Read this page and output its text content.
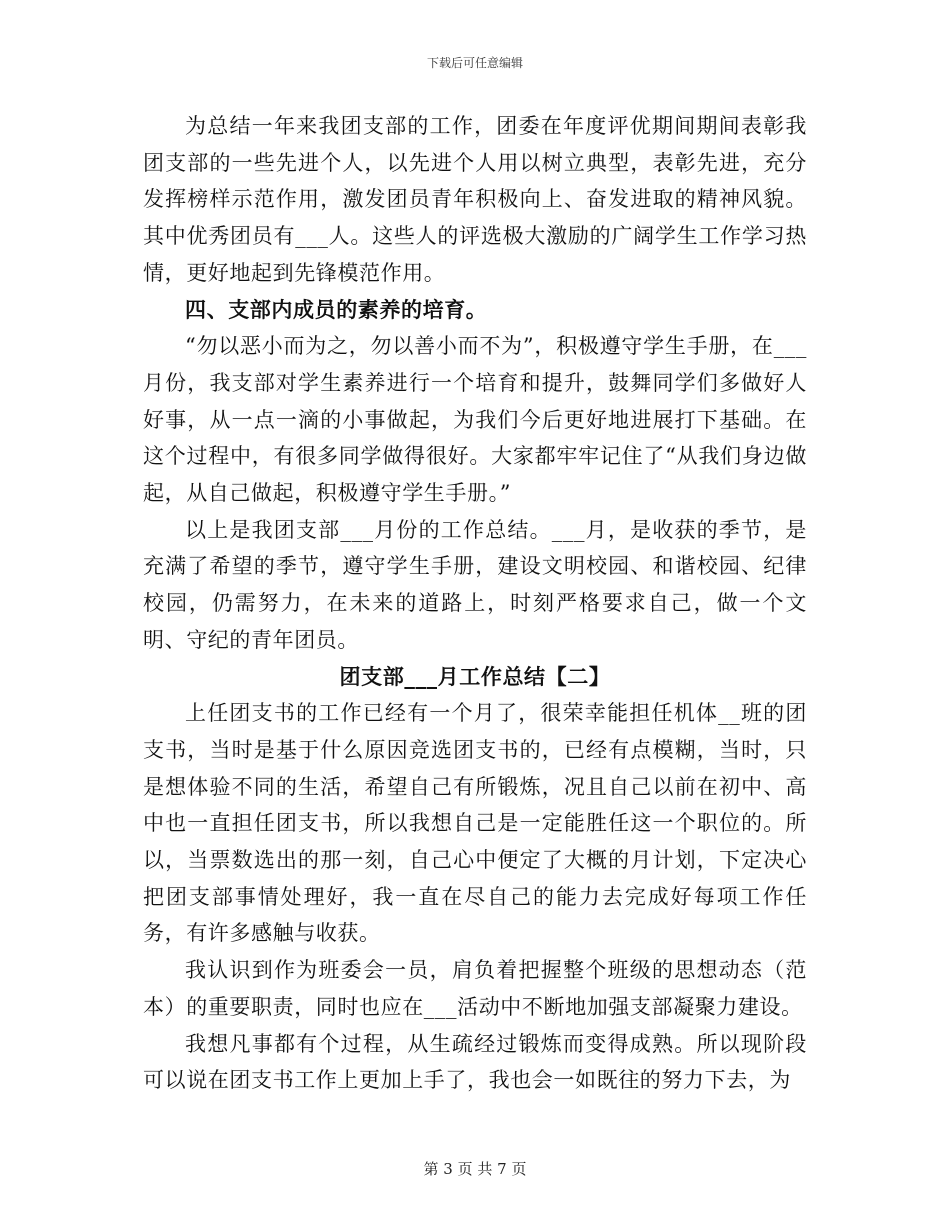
下载后可任意编辑

为总结一年来我团支部的工作，团委在年度评优期间期间表彰我团支部的一些先进个人，以先进个人用以树立典型，表彰先进，充分发挥榜样示范作用，激发团员青年积极向上、奋发进取的精神风貌。其中优秀团员有___人。这些人的评选极大激励的广阔学生工作学习热情，更好地起到先锋模范作用。

四、支部内成员的素养的培育。

“勿以恶小而为之，勿以善小而不为”，积极遵守学生手册，在___月份，我支部对学生素养进行一个培育和提升，鼓舞同学们多做好人好事，从一点一滴的小事做起，为我们今后更好地进展打下基础。在这个过程中，有很多同学做得很好。大家都牢牢记住了“从我们身边做起，从自己做起，积极遵守学生手册。”

以上是我团支部___月份的工作总结。___月，是收获的季节，是充满了希望的季节，遵守学生手册，建设文明校园、和谐校园、纪律校园，仍需努力，在未来的道路上，时刻严格要求自己，做一个文明、守纪的青年团员。

团支部___月工作总结【二】

上任团支书的工作已经有一个月了，很荣幸能担任机体__班的团支书，当时是基于什么原因竞选团支书的，已经有点模糊，当时，只是想体验不同的生活，希望自己有所锻炼，况且自己以前在初中、高中也一直担任团支书，所以我想自己是一定能胜任这一个职位的。所以，当票数选出的那一刻，自己心中便定了大概的月计划，下定决心把团支部事情处理好，我一直在尽自己的能力去完成好每项工作任务，有许多感触与收获。

我认识到作为班委会一员，肩负着把握整个班级的思想动态（范本）的重要职责，同时也应在___活动中不断地加强支部凝聚力建设。

我想凡事都有个过程，从生疏经过锻炼而变得成熟。所以现阶段可以说在团支书工作上更加上手了，我也会一如既往的努力下去，为

第 3 页 共 7 页
